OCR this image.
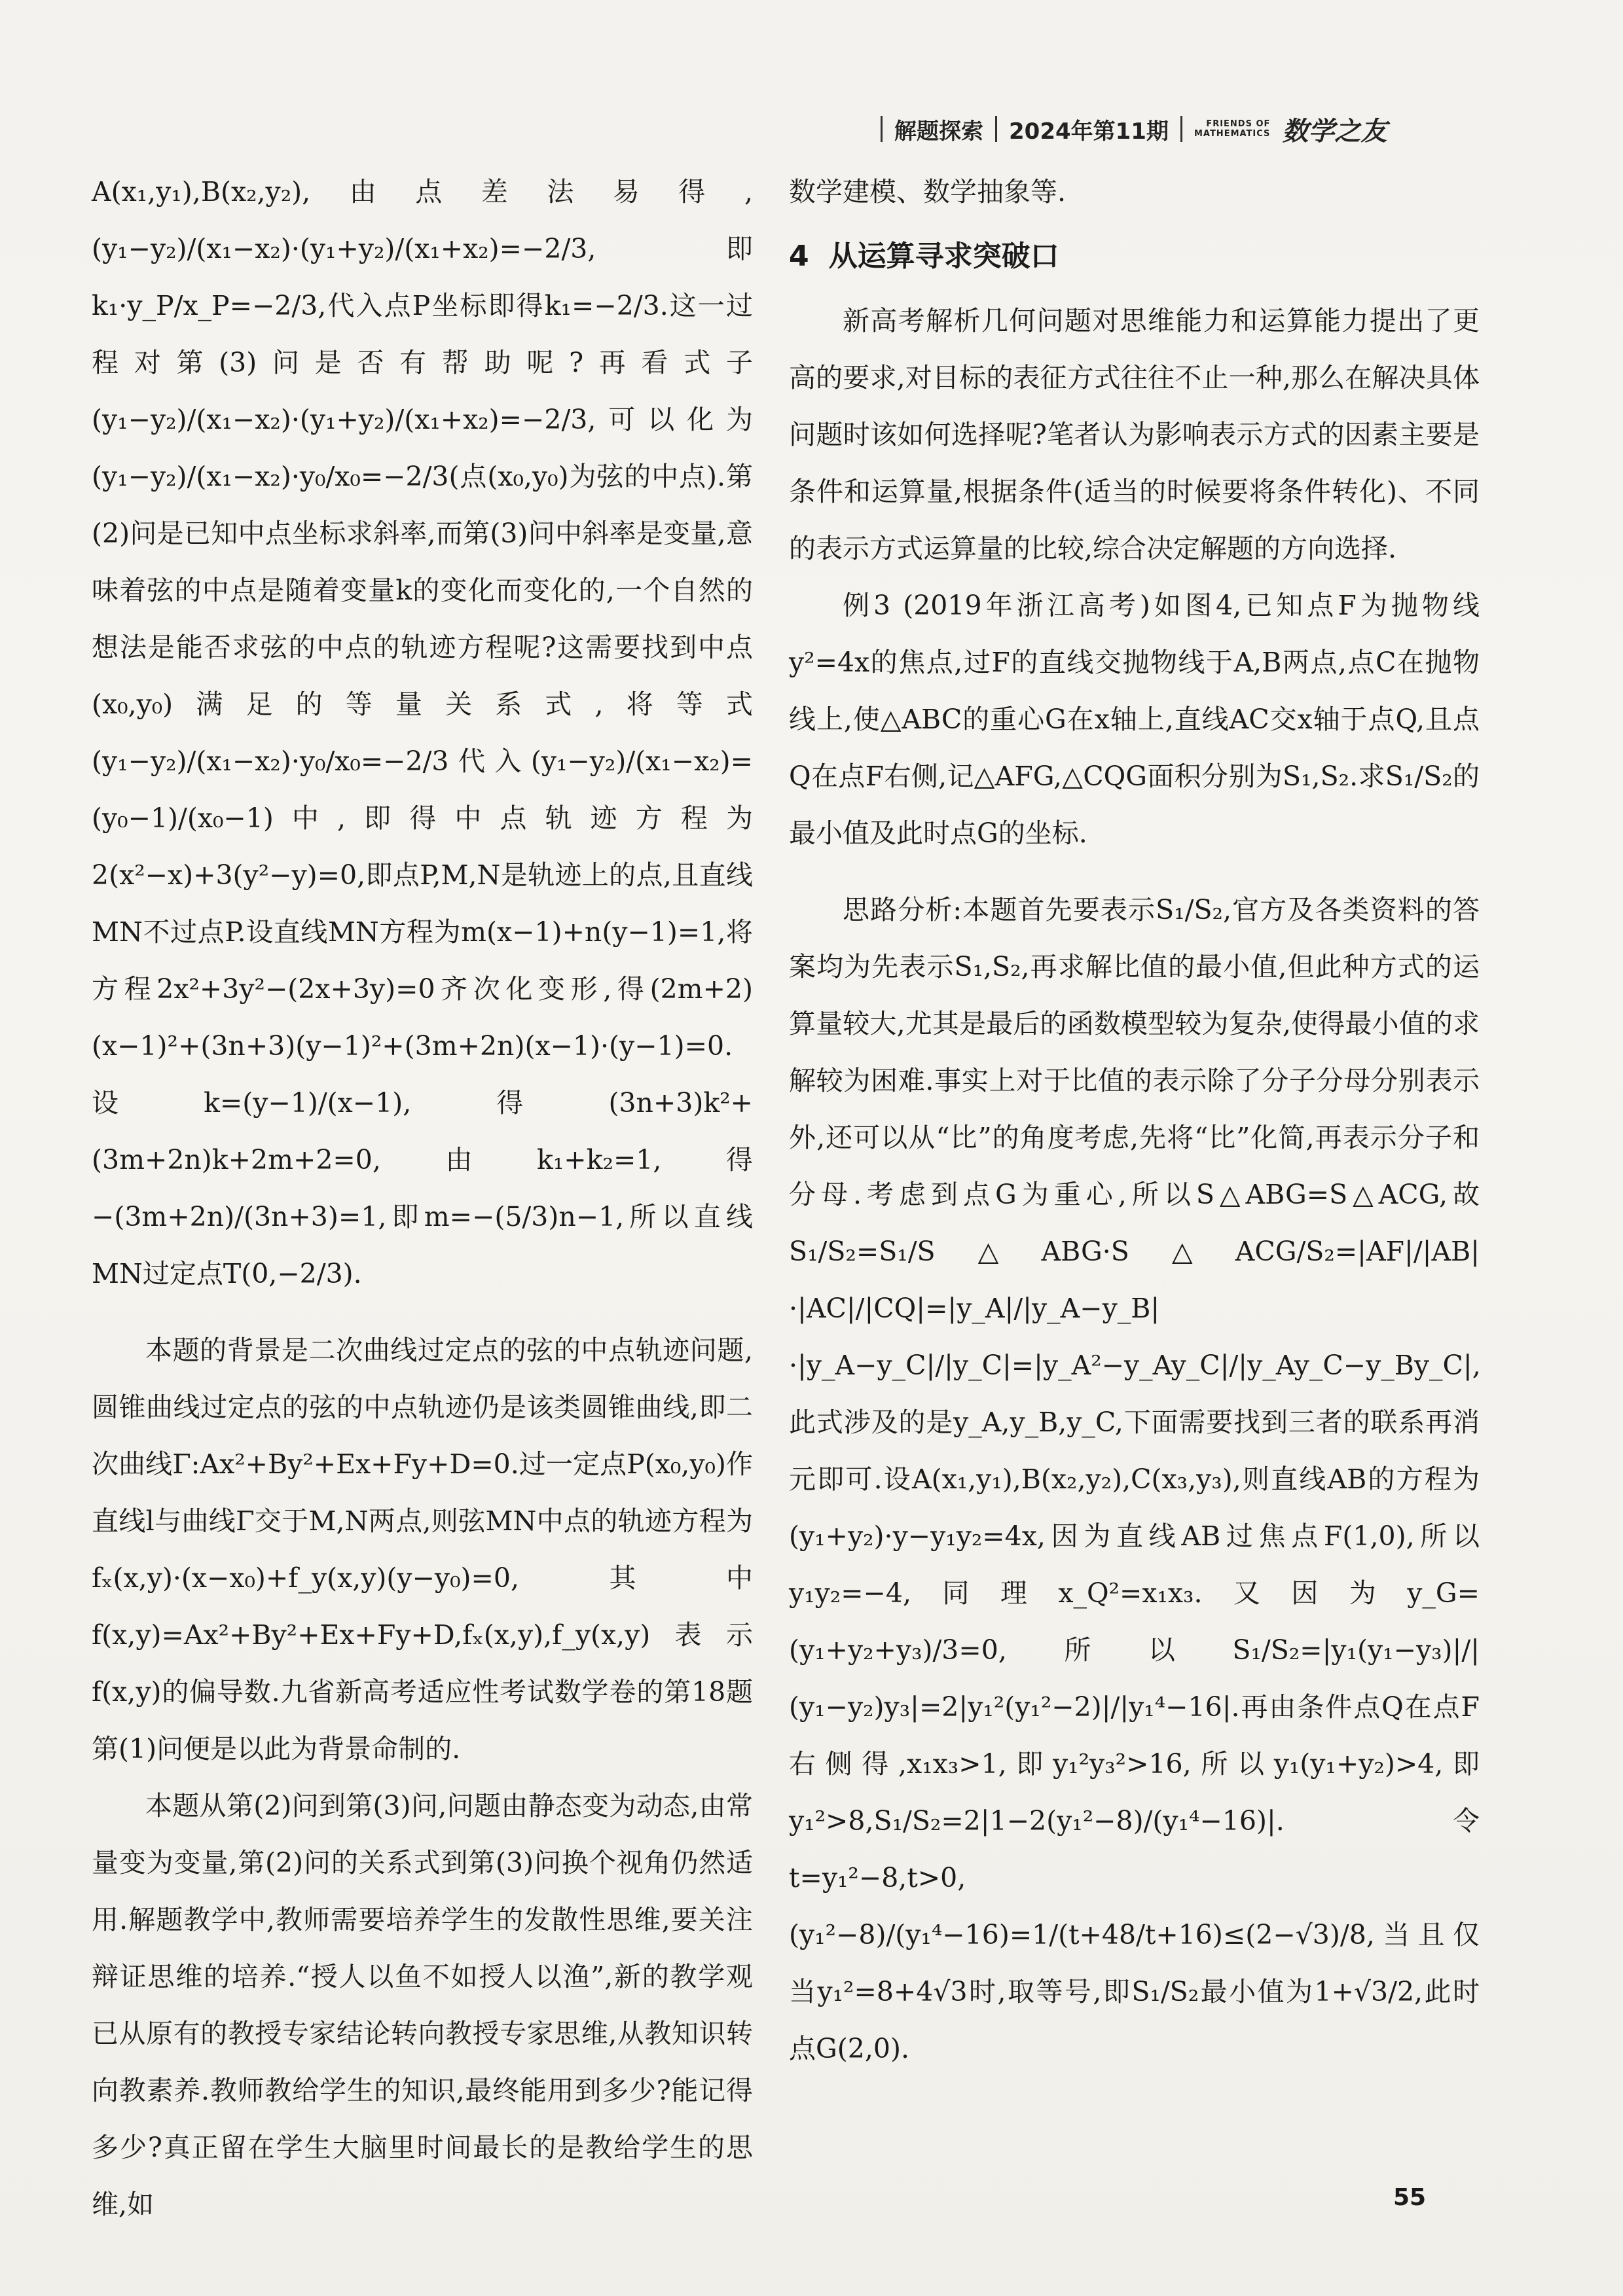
解题探索 2024年第11期	FRIENDS OF
MATHEMATICS 数学之友

A(x₁,y₁),B(x₂,y₂),由点差法易得,(y₁−y₂)/(x₁−x₂)·(y₁+y₂)/(x₁+x₂)=−2/3,即k₁·y_P/x_P=−2/3,代入点P坐标即得k₁=−2/3.这一过程对第(3)问是否有帮助呢?再看式子(y₁−y₂)/(x₁−x₂)·(y₁+y₂)/(x₁+x₂)=−2/3,可以化为(y₁−y₂)/(x₁−x₂)·y₀/x₀=−2/3(点(x₀,y₀)为弦的中点).第(2)问是已知中点坐标求斜率,而第(3)问中斜率是变量,意味着弦的中点是随着变量k的变化而变化的,一个自然的想法是能否求弦的中点的轨迹方程呢?这需要找到中点(x₀,y₀)满足的等量关系式,将等式(y₁−y₂)/(x₁−x₂)·y₀/x₀=−2/3代入(y₁−y₂)/(x₁−x₂)=(y₀−1)/(x₀−1)中,即得中点轨迹方程为2(x²−x)+3(y²−y)=0,即点P,M,N是轨迹上的点,且直线MN不过点P.设直线MN方程为m(x−1)+n(y−1)=1,将方程2x²+3y²−(2x+3y)=0齐次化变形,得(2m+2)(x−1)²+(3n+3)(y−1)²+(3m+2n)(x−1)·(y−1)=0.设k=(y−1)/(x−1),得(3n+3)k²+(3m+2n)k+2m+2=0,由k₁+k₂=1,得−(3m+2n)/(3n+3)=1,即m=−(5/3)n−1,所以直线MN过定点T(0,−2/3).

本题的背景是二次曲线过定点的弦的中点轨迹问题,圆锥曲线过定点的弦的中点轨迹仍是该类圆锥曲线,即二次曲线Γ:Ax²+By²+Ex+Fy+D=0.过一定点P(x₀,y₀)作直线l与曲线Γ交于M,N两点,则弦MN中点的轨迹方程为fₓ(x,y)·(x−x₀)+f_y(x,y)(y−y₀)=0,其中f(x,y)=Ax²+By²+Ex+Fy+D,fₓ(x,y),f_y(x,y)表示f(x,y)的偏导数.九省新高考适应性考试数学卷的第18题第(1)问便是以此为背景命制的.

本题从第(2)问到第(3)问,问题由静态变为动态,由常量变为变量,第(2)问的关系式到第(3)问换个视角仍然适用.解题教学中,教师需要培养学生的发散性思维,要关注辩证思维的培养.“授人以鱼不如授人以渔”,新的教学观已从原有的教授专家结论转向教授专家思维,从教知识转向教素养.教师教给学生的知识,最终能用到多少?能记得多少?真正留在学生大脑里时间最长的是教给学生的思维,如

数学建模、数学抽象等.

4 从运算寻求突破口

新高考解析几何问题对思维能力和运算能力提出了更高的要求,对目标的表征方式往往不止一种,那么在解决具体问题时该如何选择呢?笔者认为影响表示方式的因素主要是条件和运算量,根据条件(适当的时候要将条件转化)、不同的表示方式运算量的比较,综合决定解题的方向选择.

例3 (2019年浙江高考)如图4,已知点F为抛物线y²=4x的焦点,过F的直线交抛物线于A,B两点,点C在抛物线上,使△ABC的重心G在x轴上,直线AC交x轴于点Q,且点Q在点F右侧,记△AFG,△CQG面积分别为S₁,S₂.求S₁/S₂的最小值及此时点G的坐标.

思路分析:本题首先要表示S₁/S₂,官方及各类资料的答案均为先表示S₁,S₂,再求解比值的最小值,但此种方式的运算量较大,尤其是最后的函数模型较为复杂,使得最小值的求解较为困难.事实上对于比值的表示除了分子分母分别表示外,还可以从“比”的角度考虑,先将“比”化简,再表示分子和分母.考虑到点G为重心,所以S△ABG=S△ACG,故S₁/S₂=S₁/S△ABG·S△ACG/S₂=|AF|/|AB|·|AC|/|CQ|=|y_A|/|y_A−y_B|·|y_A−y_C|/|y_C|=|y_A²−y_Ay_C|/|y_Ay_C−y_By_C|,此式涉及的是y_A,y_B,y_C,下面需要找到三者的联系再消元即可.设A(x₁,y₁),B(x₂,y₂),C(x₃,y₃),则直线AB的方程为(y₁+y₂)·y−y₁y₂=4x,因为直线AB过焦点F(1,0),所以y₁y₂=−4,同理x_Q²=x₁x₃.又因为y_G=(y₁+y₂+y₃)/3=0,所以S₁/S₂=|y₁(y₁−y₃)|/|(y₁−y₂)y₃|=2|y₁²(y₁²−2)|/|y₁⁴−16|.再由条件点Q在点F右侧得,x₁x₃>1,即y₁²y₃²>16,所以y₁(y₁+y₂)>4,即y₁²>8,S₁/S₂=2|1−2(y₁²−8)/(y₁⁴−16)|.令t=y₁²−8,t>0,(y₁²−8)/(y₁⁴−16)=1/(t+48/t+16)≤(2−√3)/8,当且仅当y₁²=8+4√3时,取等号,即S₁/S₂最小值为1+√3/2,此时点G(2,0).

55
